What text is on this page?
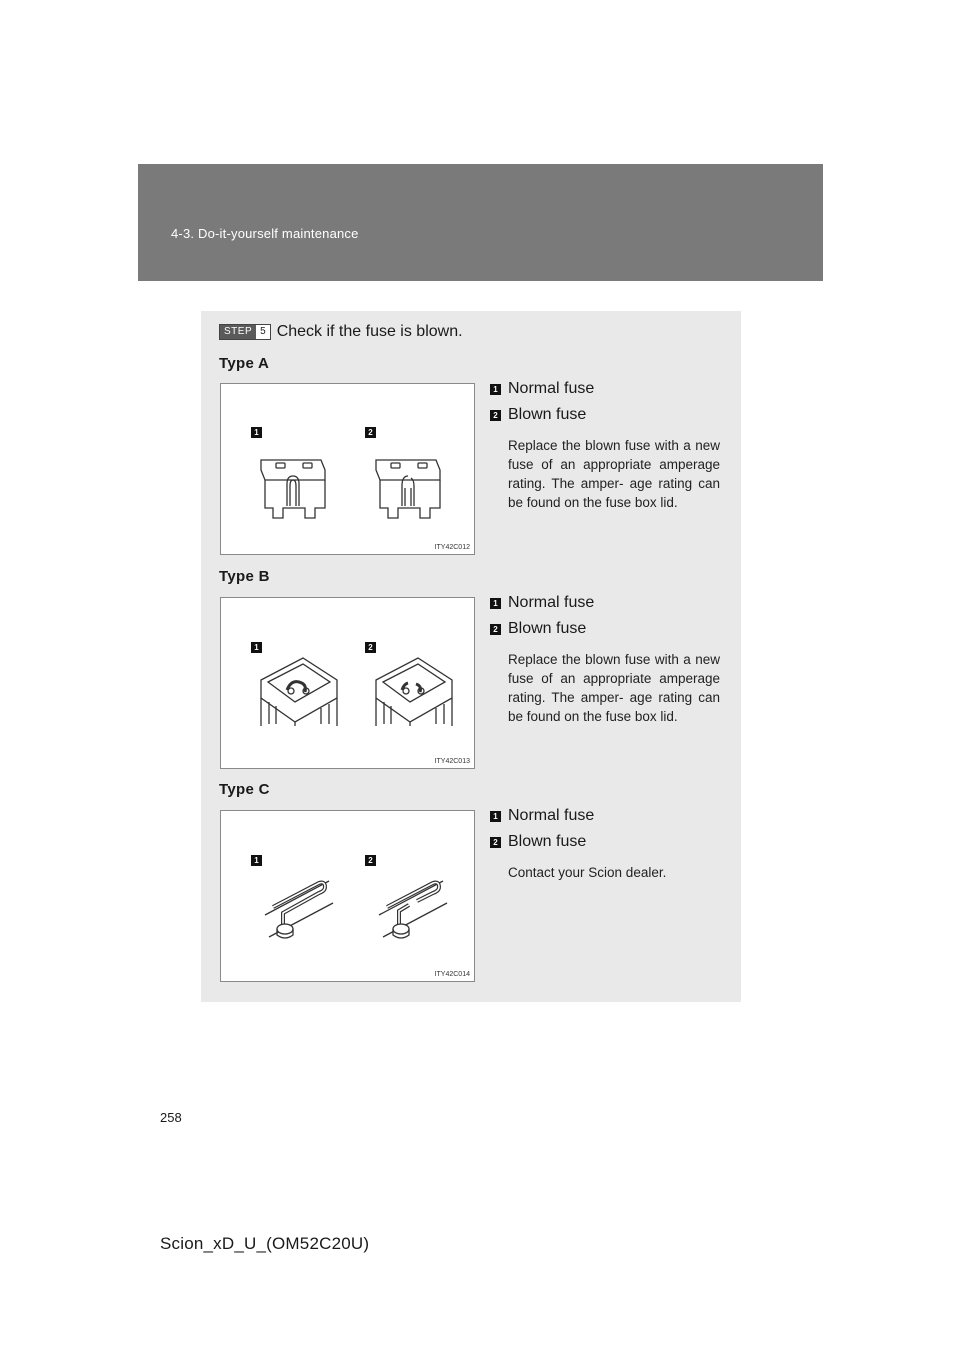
4-3. Do-it-yourself maintenance
STEP 5 Check if the fuse is blown.
Type A
1	2
ITY42C012
1 Normal fuse
2 Blown fuse
Replace the blown fuse with a new fuse of an appropriate amperage rating. The amper- age rating can be found on the fuse box lid.
Type B
1	2
ITY42C013
1 Normal fuse
2 Blown fuse
Replace the blown fuse with a new fuse of an appropriate amperage rating. The amper- age rating can be found on the fuse box lid.
Type C
1	2
ITY42C014
1 Normal fuse
2 Blown fuse
Contact your Scion dealer.
258
Scion_xD_U_(OM52C20U)
